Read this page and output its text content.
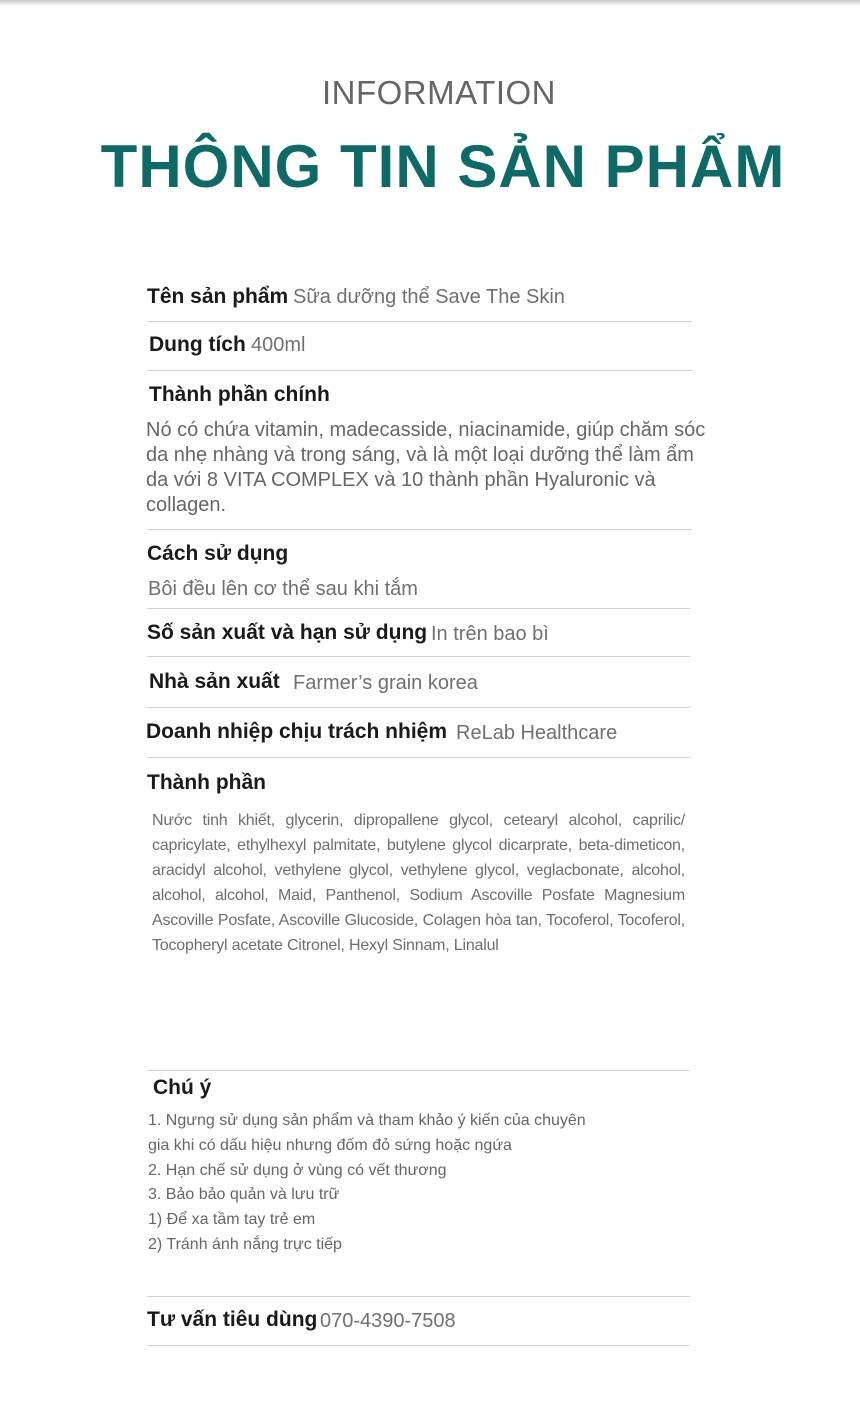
INFORMATION
THÔNG TIN SẢN PHẨM
Tên sản phẩm Sữa dưỡng thể Save The Skin
Dung tích 400ml
Thành phần chính
Nó có chứa vitamin, madecasside, niacinamide, giúp chăm sóc da nhẹ nhàng và trong sáng, và là một loại dưỡng thể làm ẩm da với 8 VITA COMPLEX và 10 thành phần Hyaluronic và collagen.
Cách sử dụng
Bôi đều lên cơ thể sau khi tắm
Số sản xuất và hạn sử dụng In trên bao bì
Nhà sản xuất Farmer’s grain korea
Doanh nhiệp chịu trách nhiệm ReLab Healthcare
Thành phần
Nước tinh khiết, glycerin, dipropallene glycol, cetearyl alcohol, caprilic/ capricylate, ethylhexyl palmitate, butylene glycol dicarprate, beta-dimeticon, aracidyl alcohol, vethylene glycol, vethylene glycol, veglacbonate, alcohol, alcohol, alcohol, Maid, Panthenol, Sodium Ascoville Posfate Magnesium Ascoville Posfate, Ascoville Glucoside, Colagen hòa tan, Tocoferol, Tocoferol, Tocopheryl acetate Citronel, Hexyl Sinnam, Linalul
Chú ý
1. Ngưng sử dụng sản phẩm và tham khảo ý kiến của chuyên
gia khi có dấu hiệu nhưng đốm đỏ sứng hoặc ngứa
2. Hạn chế sử dụng ở vùng có vết thương
3. Bảo bảo quản và lưu trữ
1) Để xa tầm tay trẻ em
2) Tránh ánh nắng trực tiếp
Tư vấn tiêu dùng 070-4390-7508
